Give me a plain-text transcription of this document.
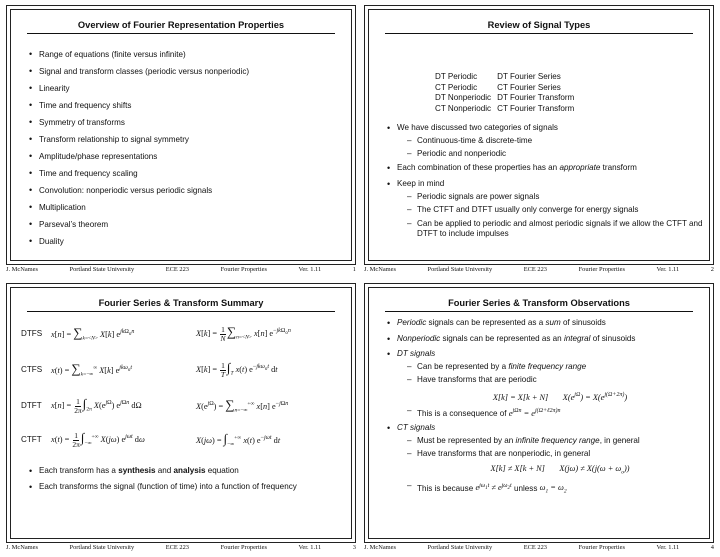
Overview of Fourier Representation Properties
• Range of equations (finite versus infinite)
• Signal and transform classes (periodic versus nonperiodic)
• Linearity
• Time and frequency shifts
• Symmetry of transforms
• Transform relationship to signal symmetry
• Amplitude/phase representations
• Time and frequency scaling
• Convolution: nonperiodic versus periodic signals
• Multiplication
• Parseval’s theorem
• Duality
Review of Signal Types
DT Periodic	DT Fourier Series
CT Periodic	CT Fourier Series
DT Nonperiodic	DT Fourier Transform
CT Nonperiodic	CT Fourier Transform
• We have discussed two categories of signals
– Continuous-time & discrete-time
– Periodic and nonperiodic
• Each combination of these properties has an appropriate transform
• Keep in mind
– Periodic signals are power signals
– The CTFT and DTFT usually only converge for energy signals
– Can be applied to periodic and almost periodic signals if we allow the CTFT and DTFT to include impulses
Fourier Series & Transform Summary
DTFS	$x[n] = \sum_{k=<N>}$ X[k] $e^{jk\Omega_on}$	$X[k] = \frac{1}{N} \sum_{n=<N>}$ x[n] $e^{-jk\Omega_on}$
CTFS	$x(t) = \sum_{k=-\infty}^\infty$ X[k] $e^{jk\omega_ot}$	$X[k] = \frac{1}{T} \int_T$ x(t) $e^{-jk\omega_ot}$ dt
DTFT	$x[n] = \frac{1}{2\pi} \int_{2\pi}$ $X(e^{j\Omega})$ $e^{j\Omega n}$ dΩ	$X(e^{j\Omega}) = \sum_{n=-\infty}^{+\infty}$ x[n] $e^{-j\Omega n}$
CTFT	$x(t) = \frac{1}{2\pi} \int_{-\infty}^{+\infty}$ X(jω) $e^{j\omega t}$ dω	$X(j\omega) = \int_{-\infty}^{+\infty}$ x(t) $e^{-j\omega t}$ dt
• Each transform has a synthesis and analysis equation
• Each transforms the signal (function of time) into a function of frequency
Fourier Series & Transform Observations
• Periodic signals can be represented as a sum of sinusoids
• Nonperiodic signals can be represented as an integral of sinusoids
• DT signals
– Can be represented by a finite frequency range
– Have transforms that are periodic
X[k] = X[k + N]       $X(e^{j\Omega}) = X(e^{j(\Omega+2\pi)})$
– This is a consequence of $e^{j\Omega n} = e^{j(\Omega+\ell 2\pi)n}$
• CT signals
– Must be represented by an infinite frequency range, in general
– Have transforms that are nonperiodic, in general
X[k] ≠ X[k + N]       $X(j\omega) \ne X(j(\omega + \omega_o))$
– This is because $e^{j\omega_1t} \ne e^{j\omega_2t}$ unless $\omega_1 = \omega_2$
J. McNames	Portland State University	ECE 223	Fourier Properties	Ver. 1.11	1 J. McNames	Portland State University	ECE 223	Fourier Properties	Ver. 1.11	2
J. McNames	Portland State University	ECE 223	Fourier Properties	Ver. 1.11	3 J. McNames	Portland State University	ECE 223	Fourier Properties	Ver. 1.11	4
